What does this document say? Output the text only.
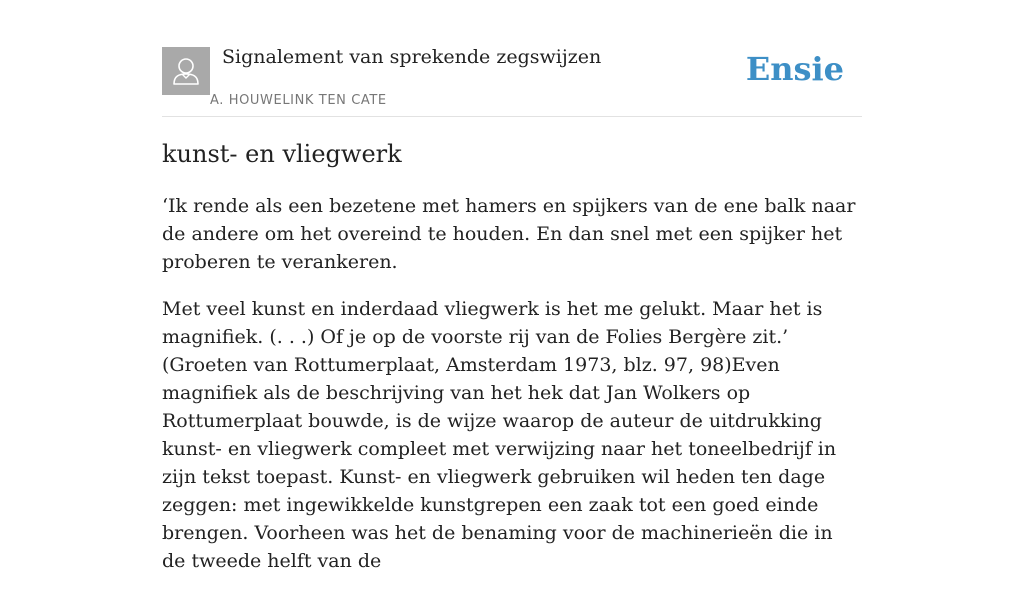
Signalement van sprekende zegswijzen
A. HOUWELINK TEN CATE
Ensie
kunst- en vliegwerk

‘Ik rende als een bezetene met hamers en spijkers van de ene balk naar de andere om het overeind te houden. En dan snel met een spijker het proberen te verankeren.

Met veel kunst en inderdaad vliegwerk is het me gelukt. Maar het is magnifiek. (. . .) Of je op de voorste rij van de Folies Bergère zit.’ (Groeten van Rottumerplaat, Amsterdam 1973, blz. 97, 98)Even magnifiek als de beschrijving van het hek dat Jan Wolkers op Rottumerplaat bouwde, is de wijze waarop de auteur de uitdrukking kunst- en vliegwerk compleet met verwijzing naar het toneelbedrijf in zijn tekst toepast. Kunst- en vliegwerk gebruiken wil heden ten dage zeggen: met ingewikkelde kunstgrepen een zaak tot een goed einde brengen. Voorheen was het de benaming voor de machinerieën die in de tweede helft van de
